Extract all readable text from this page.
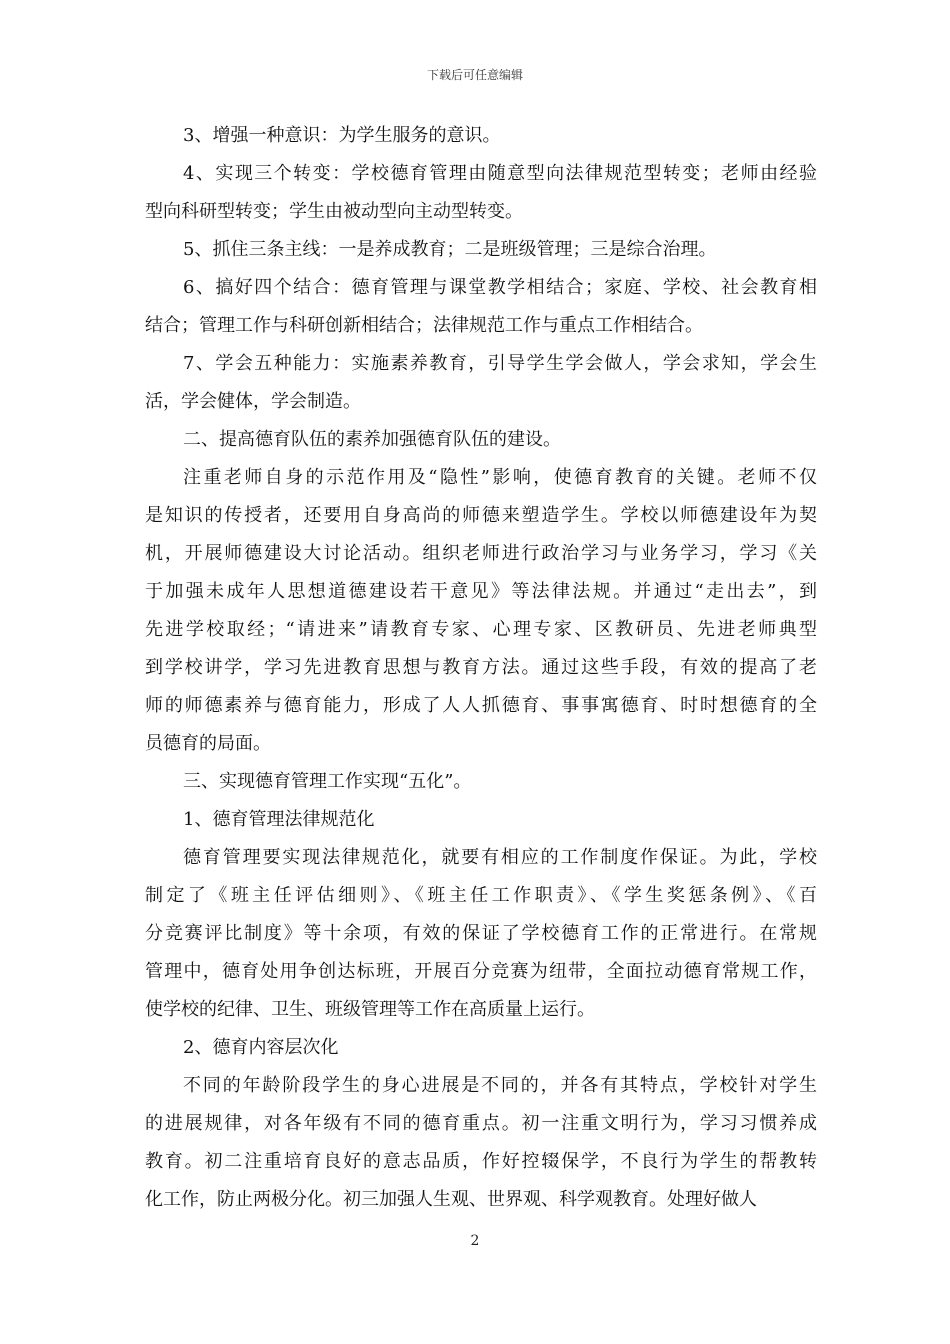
下载后可任意编辑

3、增强一种意识：为学生服务的意识。

4、实现三个转变：学校德育管理由随意型向法律规范型转变；老师由经验
型向科研型转变；学生由被动型向主动型转变。

5、抓住三条主线：一是养成教育；二是班级管理；三是综合治理。

6、搞好四个结合：德育管理与课堂教学相结合；家庭、学校、社会教育相
结合；管理工作与科研创新相结合；法律规范工作与重点工作相结合。

7、学会五种能力：实施素养教育，引导学生学会做人，学会求知，学会生
活，学会健体，学会制造。

二、提高德育队伍的素养加强德育队伍的建设。

注重老师自身的示范作用及“隐性”影响，使德育教育的关键。老师不仅
是知识的传授者，还要用自身高尚的师德来塑造学生。学校以师德建设年为契
机，开展师德建设大讨论活动。组织老师进行政治学习与业务学习，学习《关
于加强未成年人思想道德建设若干意见》等法律法规。并通过“走出去”，到
先进学校取经；“请进来”请教育专家、心理专家、区教研员、先进老师典型
到学校讲学，学习先进教育思想与教育方法。通过这些手段，有效的提高了老
师的师德素养与德育能力，形成了人人抓德育、事事寓德育、时时想德育的全
员德育的局面。

三、实现德育管理工作实现“五化”。

1、德育管理法律规范化

德育管理要实现法律规范化，就要有相应的工作制度作保证。为此，学校
制定了《班主任评估细则》、《班主任工作职责》、《学生奖惩条例》、《百
分竞赛评比制度》等十余项，有效的保证了学校德育工作的正常进行。在常规
管理中，德育处用争创达标班，开展百分竞赛为纽带，全面拉动德育常规工作，
使学校的纪律、卫生、班级管理等工作在高质量上运行。

2、德育内容层次化

不同的年龄阶段学生的身心进展是不同的，并各有其特点，学校针对学生
的进展规律，对各年级有不同的德育重点。初一注重文明行为，学习习惯养成
教育。初二注重培育良好的意志品质，作好控辍保学，不良行为学生的帮教转
化工作，防止两极分化。初三加强人生观、世界观、科学观教育。处理好做人

2
